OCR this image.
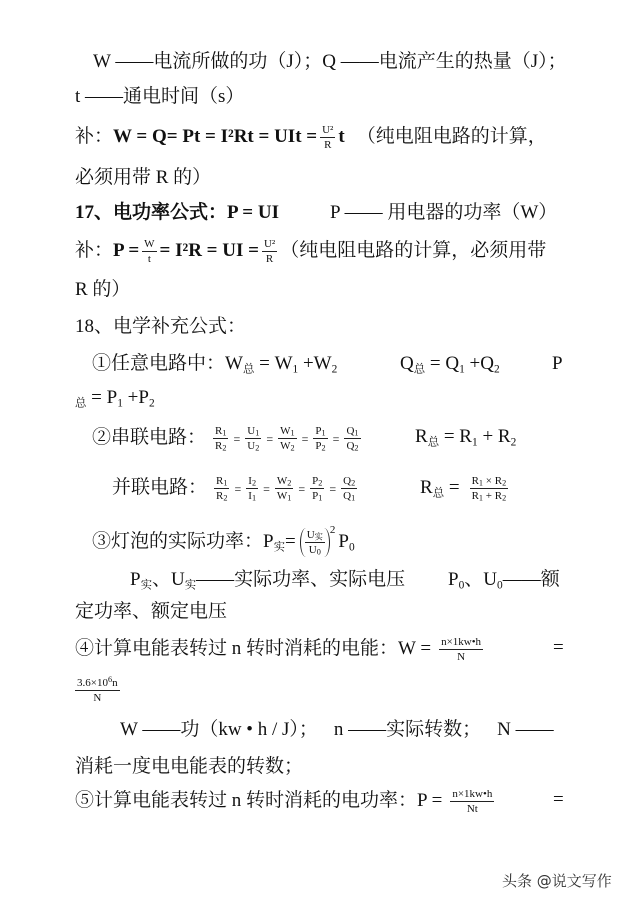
W ——电流所做的功（J）；Q ——电流产生的热量（J）；
t ——通电时间（s）
补：W = Q= Pt = I²Rt = UIt = $\frac{\text{U²}}{R}$ t （纯电阻电路的计算，
必须用带 R 的）
17、电功率公式：P = UI	P —— 用电器的功率（W）
补：$P = \frac{W}{t} = I^2R$ = UI = $\frac{\text{U²}}{R}$ （纯电阻电路的计算，必须用带
R 的）
18、电学补充公式：
①任意电路中：$W_总 = W_1 +W_2$	$Q_总 = Q_1 +Q_2$	P
$_总 = P_1 +P_2$
②串联电路： $\frac{R_1}{R_2} = \frac{U_1}{U_2} = \frac{W_1}{W_2} = \frac{P_1}{P_2} = \frac{Q_1}{Q_2}$	$R_总 = R_1 + R_2$
并联电路： $\frac{R_1}{R_2} = \frac{I_2}{I_1} = \frac{W_2}{W_1} = \frac{P_2}{P_1} = \frac{Q_2}{Q_1}$	$R_总 = \frac{R_1 \times R_2}{R_1 + R_2}$
③灯泡的实际功率：$P_实= \frac{U_实}{U_0} ^2P_0$
$P_实$、$U_实——$实际功率、实际电压 $P_0$、$U_0——$额
定功率、额定电压
④计算电能表转过 n 转时消耗的电能：$W = \frac{n\times 1kw•h}{N}$	=
$\frac{3.6\times 10^6n}{N}$
W ——功（kw • h / J）； n ——实际转数； N ——
消耗一度电电能表的转数；
⑤计算电能表转过 n 转时消耗的电功率：$P = \frac{n\times 1kw•h}{Nt}$	=
头条 @说文写作
